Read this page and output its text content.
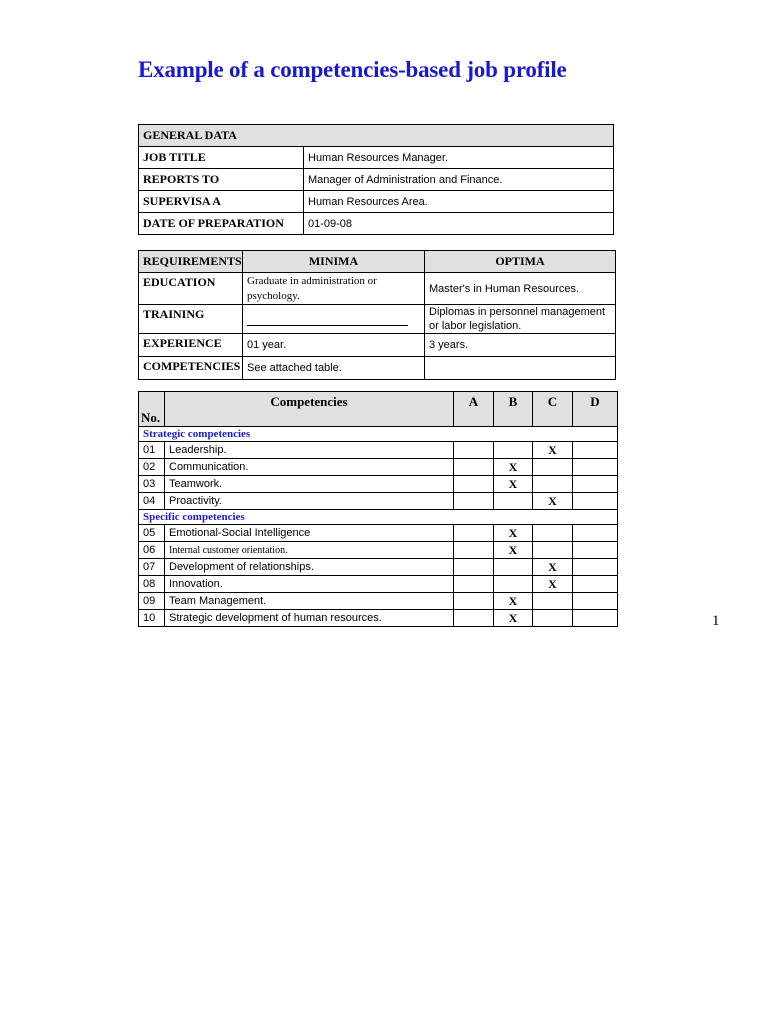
Example of a competencies-based job profile
GENERAL DATA	
JOB TITLE	Human Resources Manager.
REPORTS TO	Manager of Administration and Finance.
SUPERVISA A	Human Resources Area.
DATE OF PREPARATION	01-09-08
REQUIREMENTS	MINIMA	OPTIMA
EDUCATION	Graduate in administration or psychology.	Master's in Human Resources.
TRAINING		Diplomas in personnel management or labor legislation.
EXPERIENCE	01 year.	3 years.
COMPETENCIES	See attached table.	
No.	Competencies	A	B	C	D
Strategic competencies					
01	Leadership.			X	
02	Communication.		X		
03	Teamwork.		X		
04	Proactivity.			X	
Specific competencies					
05	Emotional-Social Intelligence		X		
06	Internal customer orientation.		X		
07	Development of relationships.			X	
08	Innovation.			X	
09	Team Management.		X		
10	Strategic development of human resources.		X			1
